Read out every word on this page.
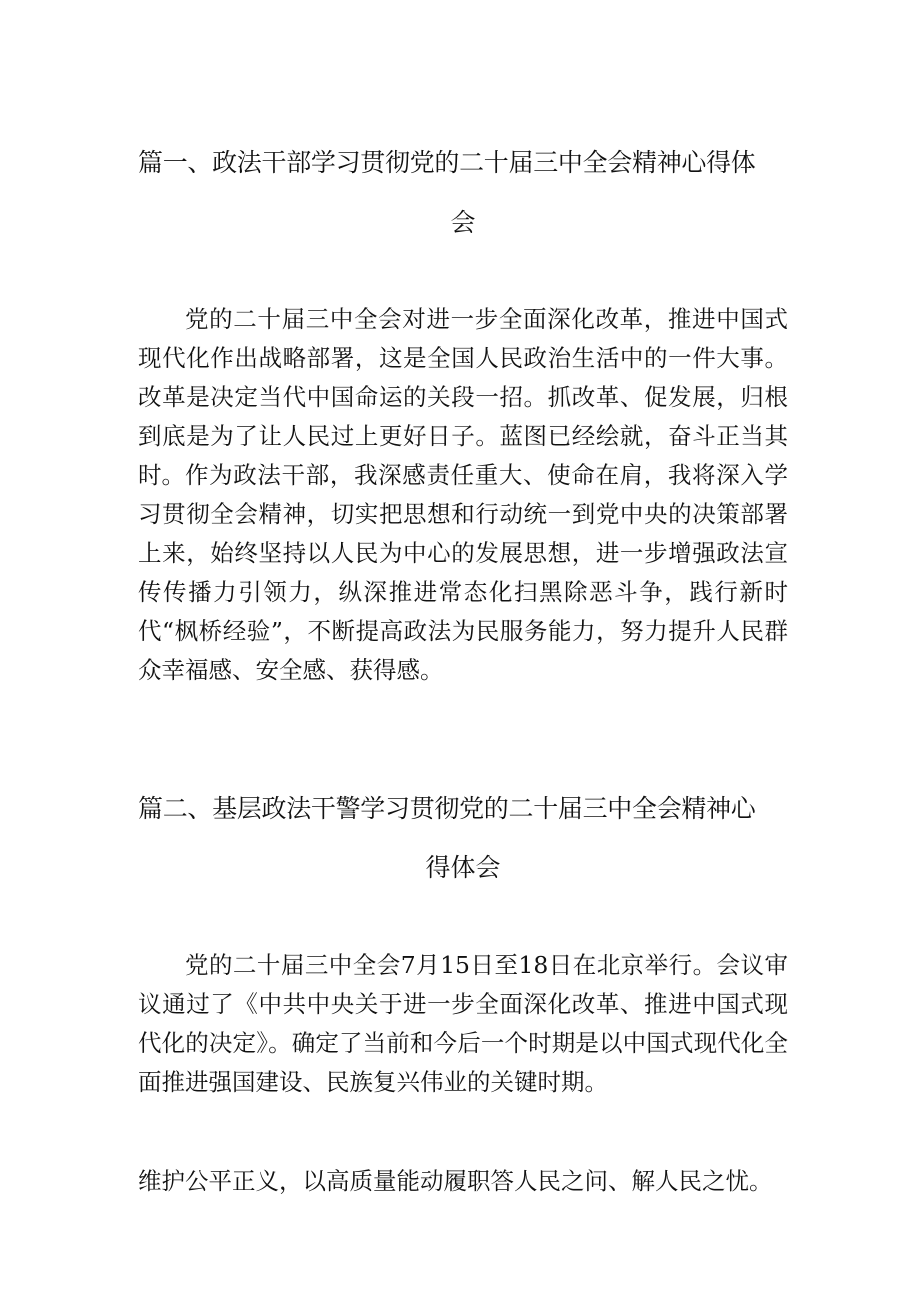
篇一、政法干部学习贯彻党的二十届三中全会精神心得体
会

党的二十届三中全会对进一步全面深化改革，推进中国式现代化作出战略部署，这是全国人民政治生活中的一件大事。改革是决定当代中国命运的关段一招。抓改革、促发展，归根到底是为了让人民过上更好日子。蓝图已经绘就，奋斗正当其时。 作为政法干部，我深感责任重大、使命在肩，我将深入学习贯彻全会精神，切实把思想和行动统一到党中央的决策部署上来，始终坚持以人民为中心的发展思想，进一步增强政法宣传传播力引领力，纵深推进常态化扫黑除恶斗争，践行新时代“枫桥经验”，不断提高政法为民服务能力，努力提升人民群众幸福感、安全感、获得感。

篇二、基层政法干警学习贯彻党的二十届三中全会精神心
得体会

党的二十届三中全会7月15日至18日在北京举行。会议审议通过了《中共中央关于进一步全面深化改革、推进中国式现代化的决定》。确定了当前和今后一个时期是以中国式现代化全面推进强国建设、民族复兴伟业的关键时期。

维护公平正义，以高质量能动履职答人民之问、解人民之忧。
